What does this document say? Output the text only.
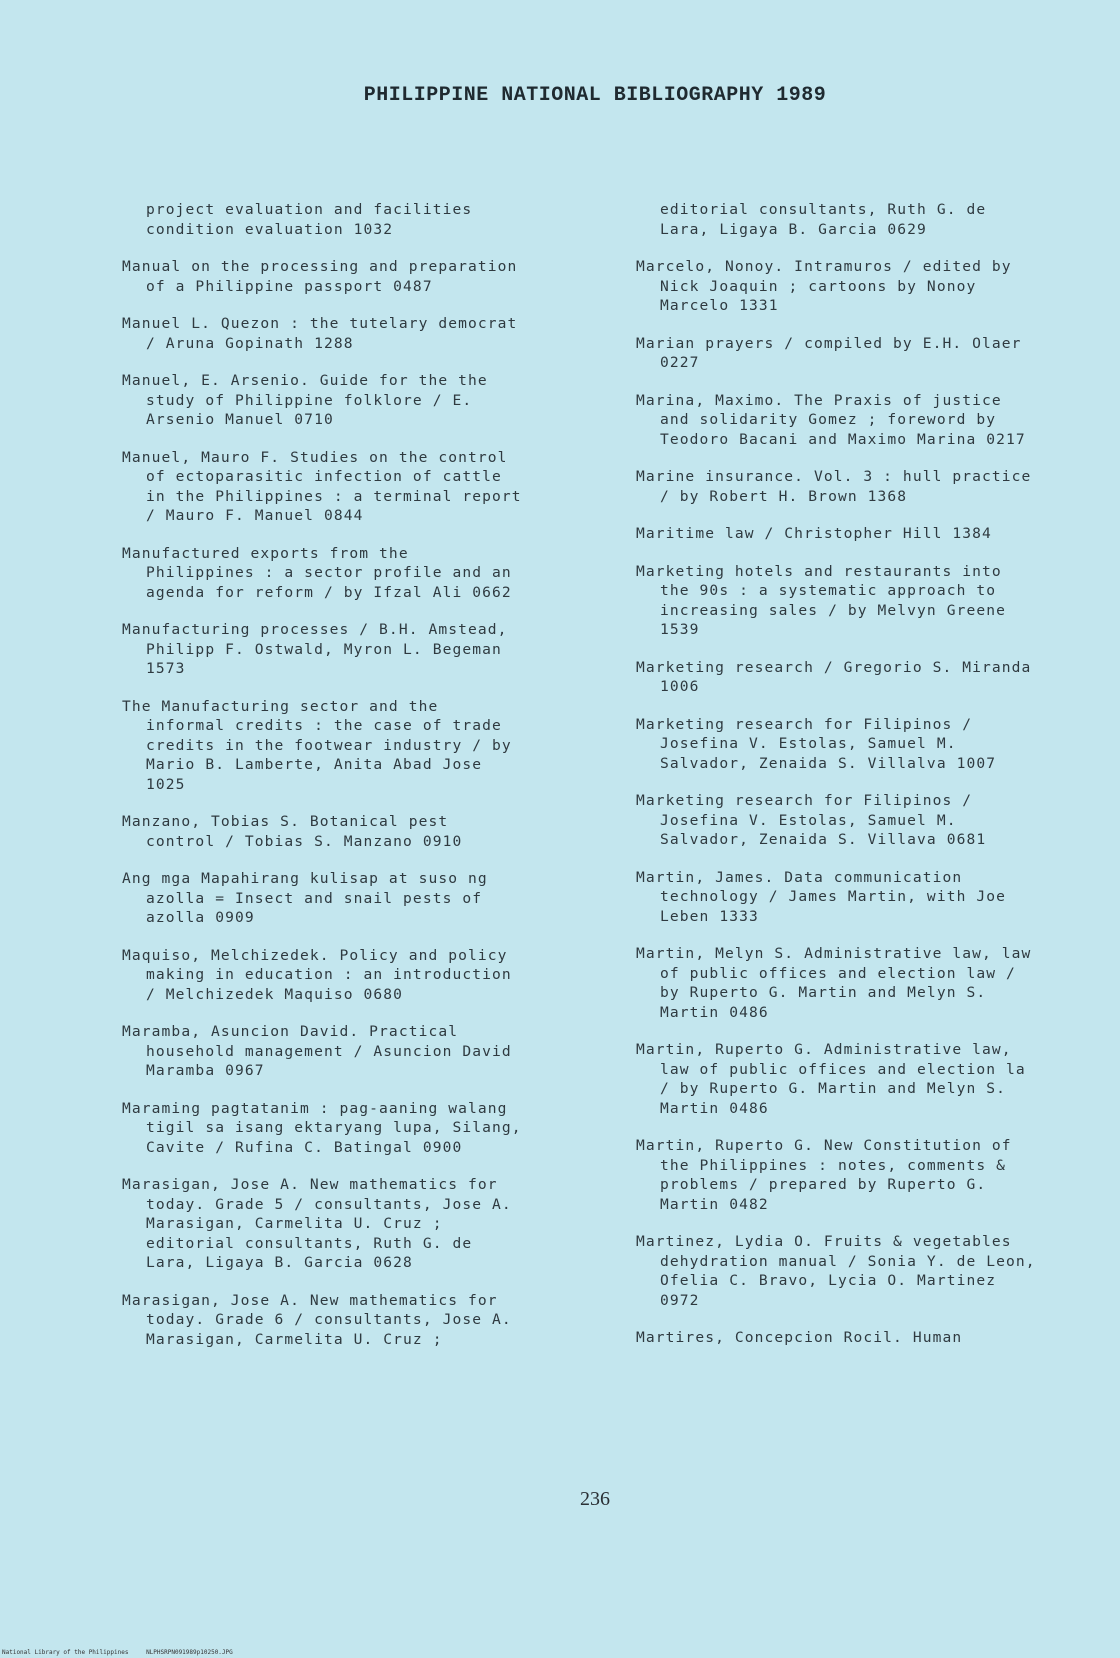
PHILIPPINE NATIONAL BIBLIOGRAPHY 1989
project evaluation and facilities
condition evaluation 1032
Manual on the processing and preparation
of a Philippine passport 0487
Manuel L. Quezon : the tutelary democrat
/ Aruna Gopinath 1288
Manuel, E. Arsenio. Guide for the the
study of Philippine folklore / E.
Arsenio Manuel 0710
Manuel, Mauro F. Studies on the control
of ectoparasitic infection of cattle
in the Philippines : a terminal report
/ Mauro F. Manuel 0844
Manufactured exports from the
Philippines : a sector profile and an
agenda for reform / by Ifzal Ali 0662
Manufacturing processes / B.H. Amstead,
Philipp F. Ostwald, Myron L. Begeman
1573
The Manufacturing sector and the
informal credits : the case of trade
credits in the footwear industry / by
Mario B. Lamberte, Anita Abad Jose
1025
Manzano, Tobias S. Botanical pest
control / Tobias S. Manzano 0910
Ang mga Mapahirang kulisap at suso ng
azolla = Insect and snail pests of
azolla 0909
Maquiso, Melchizedek. Policy and policy
making in education : an introduction
/ Melchizedek Maquiso 0680
Maramba, Asuncion David. Practical
household management / Asuncion David
Maramba 0967
Maraming pagtatanim : pag-aaning walang
tigil sa isang ektaryang lupa, Silang,
Cavite / Rufina C. Batingal 0900
Marasigan, Jose A. New mathematics for
today. Grade 5 / consultants, Jose A.
Marasigan, Carmelita U. Cruz ;
editorial consultants, Ruth G. de
Lara, Ligaya B. Garcia 0628
Marasigan, Jose A. New mathematics for
today. Grade 6 / consultants, Jose A.
Marasigan, Carmelita U. Cruz ;
editorial consultants, Ruth G. de
Lara, Ligaya B. Garcia 0629
Marcelo, Nonoy. Intramuros / edited by
Nick Joaquin ; cartoons by Nonoy
Marcelo 1331
Marian prayers / compiled by E.H. Olaer
0227
Marina, Maximo. The Praxis of justice
and solidarity Gomez ; foreword by
Teodoro Bacani and Maximo Marina 0217
Marine insurance. Vol. 3 : hull practice
/ by Robert H. Brown 1368
Maritime law / Christopher Hill 1384
Marketing hotels and restaurants into
the 90s : a systematic approach to
increasing sales / by Melvyn Greene
1539
Marketing research / Gregorio S. Miranda
1006
Marketing research for Filipinos /
Josefina V. Estolas, Samuel M.
Salvador, Zenaida S. Villalva 1007
Marketing research for Filipinos /
Josefina V. Estolas, Samuel M.
Salvador, Zenaida S. Villava 0681
Martin, James. Data communication
technology / James Martin, with Joe
Leben 1333
Martin, Melyn S. Administrative law, law
of public offices and election law /
by Ruperto G. Martin and Melyn S.
Martin 0486
Martin, Ruperto G. Administrative law,
law of public offices and election la
/ by Ruperto G. Martin and Melyn S.
Martin 0486
Martin, Ruperto G. New Constitution of
the Philippines : notes, comments &
problems / prepared by Ruperto G.
Martin 0482
Martinez, Lydia O. Fruits & vegetables
dehydration manual / Sonia Y. de Leon,
Ofelia C. Bravo, Lycia O. Martinez
0972
Martires, Concepcion Rocil. Human
236
National Library of the Philippines	NLPHSRPN091989p10250.JPG
